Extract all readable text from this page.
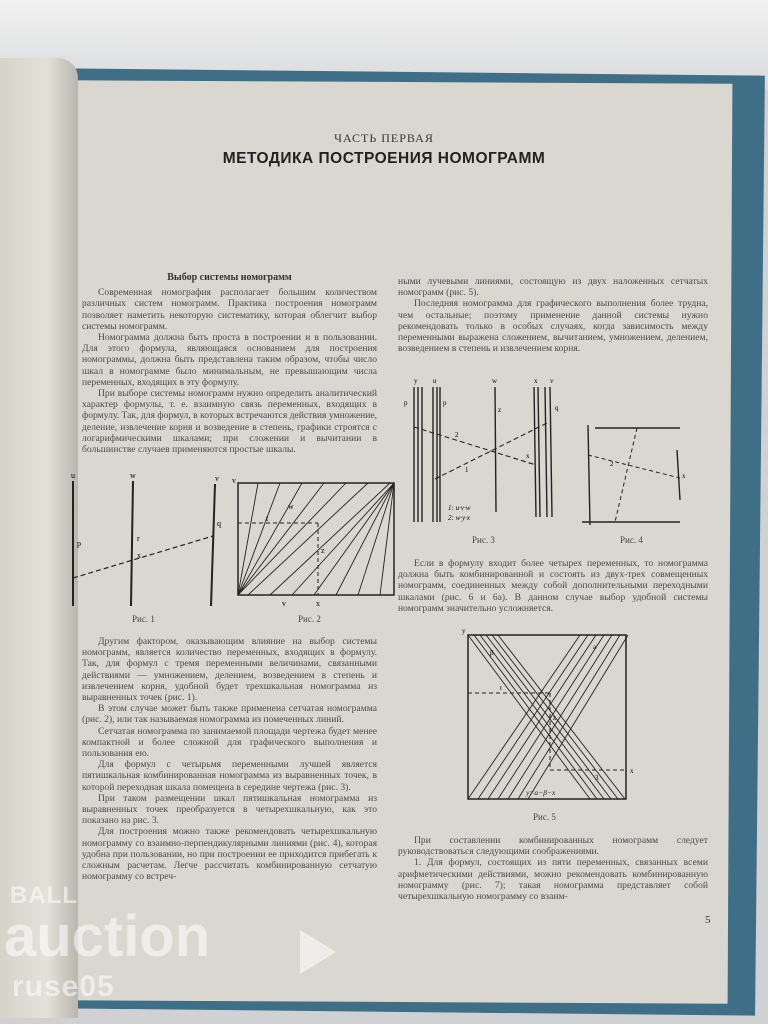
ЧАСТЬ ПЕРВАЯ
МЕТОДИКА ПОСТРОЕНИЯ НОМОГРАММ
Выбор системы номограмм

Современная номография располагает большим количеством различных систем номограмм. Практика построения номограмм позволяет наметить некоторую систематику, которая облегчит выбор системы номограмм.

Номограмма должна быть проста в построении и в пользовании. Для этого формула, являющаяся основанием для построения номограммы, должна быть представлена таким образом, чтобы число шкал в номограмме было минимальным, не превышающим числа переменных, входящих в эту формулу.

При выборе системы номограмм нужно определить аналитический характер формулы, т. е. взаимную связь переменных, входящих в формулу. Так, для формул, в которых встречаются действия умножение, деление, извлечение корня и возведение в степень, графики строятся с логарифмическими шкалами; при сложении и вычитании в большинстве случаев применяются простые шкалы.

u	w	v
p
r
x
q
Рис. 1
v
w
t
z
v	x
Рис. 2

Другим фактором, оказывающим влияние на выбор системы номограмм, является количество переменных, входящих в формулу. Так, для формул с тремя переменными величинами, связанными действиями — умножением, делением, возведением в степень и извлечением корня, удобной будет трехшкальная номограмма из выравненных точек (рис. 1).

В этом случае может быть также применена сетчатая номограмма (рис. 2), или так называемая номограмма из помеченных линий.

Сетчатая номограмма по занимаемой площади чертежа будет менее компактной и более сложной для графического выполнения и пользования ею.

Для формул с четырьмя переменными лучшей является пятишкальная комбинированная номограмма из выравненных точек, в которой переходная шкала помещена в середине чертежа (рис. 3).

При таком размещении шкал пятишкальная номограмма из выравненных точек преобразуется в четырехшкальную, как это показано на рис. 3.

Для построения можно также рекомендовать четырехшкальную номограмму со взаимно-перпендикулярными линиями (рис. 4), которая удобна при пользовании, но при построении ее приходится прибегать к сложным расчетам. Легче рассчитать комбинированную сетчатую номограмму со встреч-

ными лучевыми линиями, состоящую из двух наложенных сетчатых номограмм (рис. 5).

Последняя номограмма для графического выполнения более трудна, чем остальные; поэтому применение данной системы нужно рекомендовать только в особых случаях, когда зависимость между переменными выражена сложением, вычитанием, умножением, делением, возведением в степень и извлечением корня.

y u	w	x v
p	p
z	q
2
1
x
1: u·v·w
2: w·y·x
Рис. 3
2
x
Рис. 4

Если в формулу входит более четырех переменных, то номограмма должна быть комбинированной и состоять из двух-трех совмещенных номограмм, соединенных между собой дополнительными переходными шкалами (рис. 6 и 6а). В данном случае выбор удобной системы номограмм значительно усложняется.

y
β
a
t
z
x
3
y=a−β−x
Рис. 5

При составлении комбинированных номограмм следует руководствоваться следующими соображениями.

1. Для формул, состоящих из пяти переменных, связанных всеми арифметическими действиями, можно рекомендовать комбинированную номограмму (рис. 7); такая номограмма представляет собой четырехшкальную номограмму со взаим-

5
BALL
auction
ruse05
